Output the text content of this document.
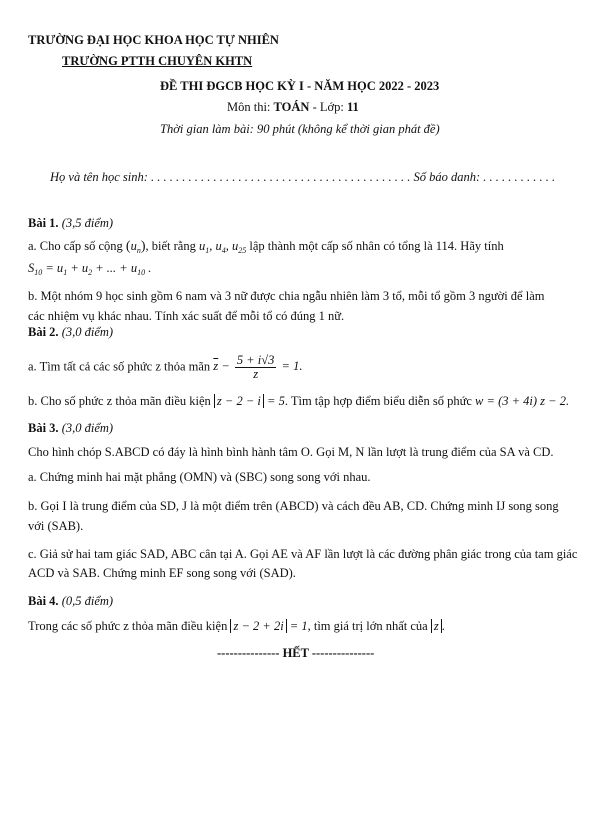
TRƯỜNG ĐẠI HỌC KHOA HỌC TỰ NHIÊN
TRƯỜNG PTTH CHUYÊN KHTN
ĐỀ THI ĐGCB HỌC KỲ I - NĂM HỌC 2022 - 2023
Môn thi: TOÁN - Lớp: 11
Thời gian làm bài: 90 phút (không kể thời gian phát đề)
Họ và tên học sinh: . . . . . . . . . . . . . . . . . . . . . . . . . . . . . . . . . . . . . . . . . . Số báo danh: . . . . . . . . . . . .
Bài 1. (3,5 điểm)
a. Cho cấp số cộng $(u_n)$, biết rằng $u_1$, $u_4$, $u_{25}$ lập thành một cấp số nhân có tổng là 114. Hãy tính
$S_{10} = u_1 + u_2$ + ... + $u_{10}$ .
b. Một nhóm 9 học sinh gồm 6 nam và 3 nữ được chia ngẫu nhiên làm 3 tổ, mỗi tổ gồm 3 người để làm các nhiệm vụ khác nhau. Tính xác suất để mỗi tổ có đúng 1 nữ.
Bài 2. (3,0 điểm)
a. Tìm tất cả các số phức z thỏa mãn $\overline{z} - \frac{5 + i√3}{z} = 1$.
b. Cho số phức z thỏa mãn điều kiện z − 2 − i = 5. Tìm tập hợp điểm biểu diễn số phức w = (3 + 4i) z − 2.
Bài 3. (3,0 điểm)
Cho hình chóp S.ABCD có đáy là hình bình hành tâm O. Gọi M, N lần lượt là trung điểm của SA và CD.
a. Chứng minh hai mặt phẳng (OMN) và (SBC) song song với nhau.
b. Gọi I là trung điểm của SD, J là một điểm trên (ABCD) và cách đều AB, CD. Chứng minh IJ song song
với (SAB).
c. Giả sử hai tam giác SAD, ABC cân tại A. Gọi AE và AF lần lượt là các đường phân giác trong của tam giác
ACD và SAB. Chứng minh EF song song với (SAD).
Bài 4. (0,5 điểm)
Trong các số phức z thỏa mãn điều kiện z − 2 + 2i = 1, tìm giá trị lớn nhất của z .
--------------- HẾT ---------------
